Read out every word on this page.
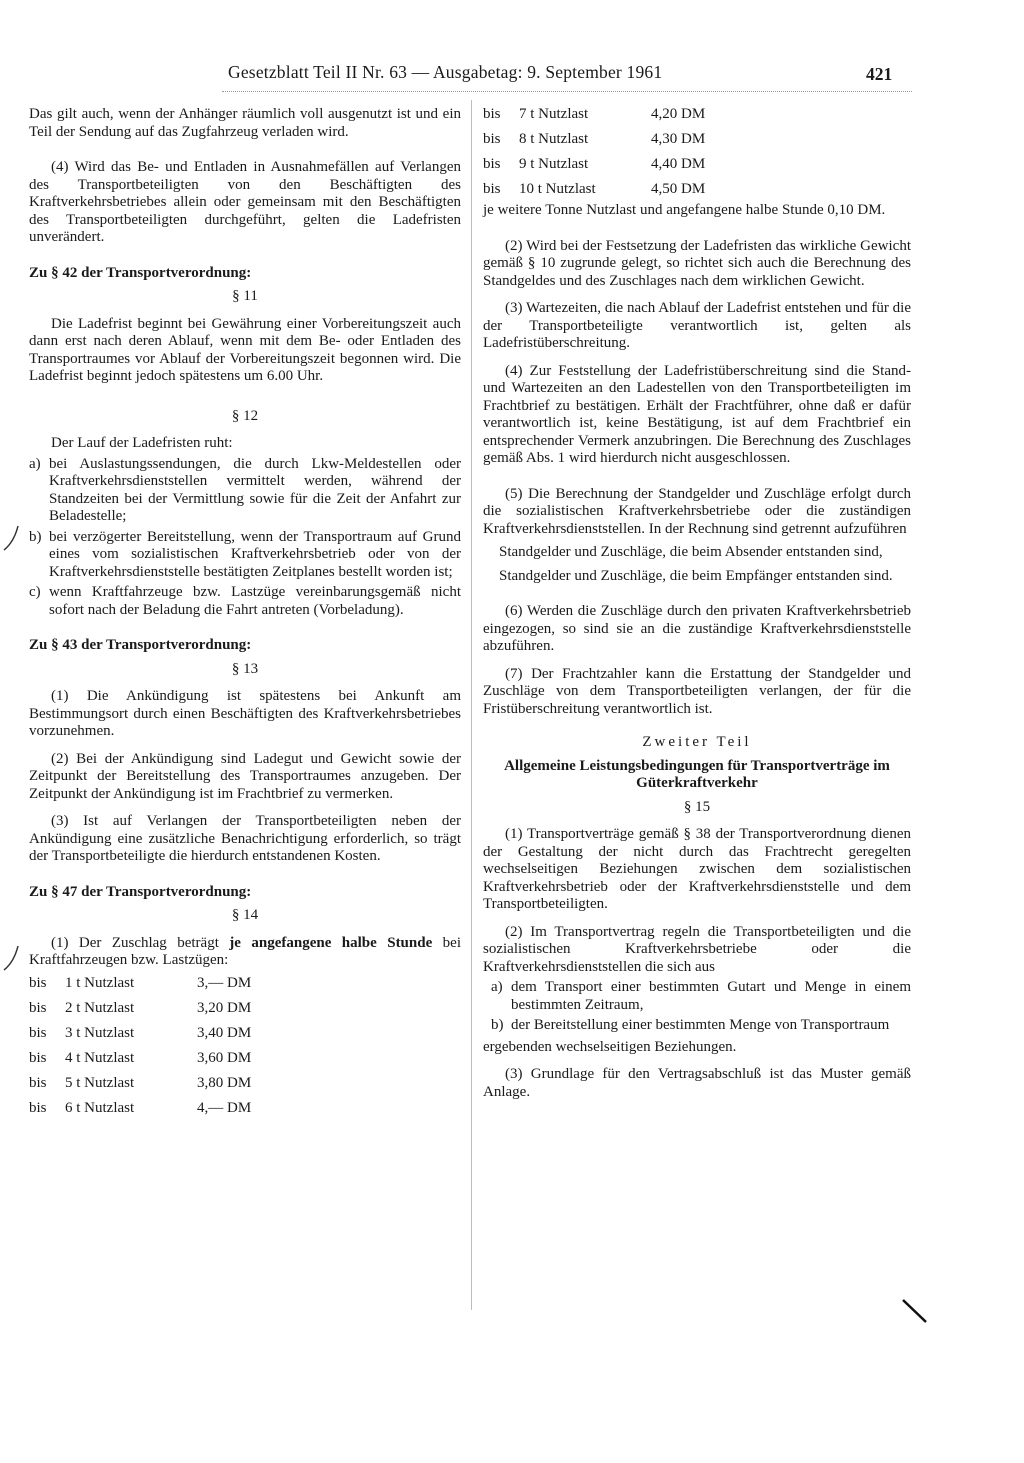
Gesetzblatt Teil II Nr. 63 — Ausgabetag: 9. September 1961	421

Das gilt auch, wenn der Anhänger räumlich voll ausgenutzt ist und ein Teil der Sendung auf das Zugfahrzeug verladen wird.

(4) Wird das Be- und Entladen in Ausnahmefällen auf Verlangen des Transportbeteiligten von den Beschäftigten des Kraftverkehrsbetriebes allein oder gemeinsam mit den Beschäftigten des Transportbeteiligten durchgeführt, gelten die Ladefristen unverändert.

Zu § 42 der Transportverordnung:
§ 11

Die Ladefrist beginnt bei Gewährung einer Vorbereitungszeit auch dann erst nach deren Ablauf, wenn mit dem Be- oder Entladen des Transportraumes vor Ablauf der Vorbereitungszeit begonnen wird. Die Ladefrist beginnt jedoch spätestens um 6.00 Uhr.

§ 12

Der Lauf der Ladefristen ruht:

a) bei Auslastungssendungen, die durch Lkw-Meldestellen oder Kraftverkehrsdienststellen vermittelt werden, während der Standzeiten bei der Vermittlung sowie für die Zeit der Anfahrt zur Beladestelle;
b) bei verzögerter Bereitstellung, wenn der Transportraum auf Grund eines vom sozialistischen Kraftverkehrsbetrieb oder von der Kraftverkehrsdienststelle bestätigten Zeitplanes bestellt worden ist;
c) wenn Kraftfahrzeuge bzw. Lastzüge vereinbarungsgemäß nicht sofort nach der Beladung die Fahrt antreten (Vorbeladung).
Zu § 43 der Transportverordnung:
§ 13

(1) Die Ankündigung ist spätestens bei Ankunft am Bestimmungsort durch einen Beschäftigten des Kraftverkehrsbetriebes vorzunehmen.

(2) Bei der Ankündigung sind Ladegut und Gewicht sowie der Zeitpunkt der Bereitstellung des Transportraumes anzugeben. Der Zeitpunkt der Ankündigung ist im Frachtbrief zu vermerken.

(3) Ist auf Verlangen der Transportbeteiligten neben der Ankündigung eine zusätzliche Benachrichtigung erforderlich, so trägt der Transportbeteiligte die hierdurch entstandenen Kosten.

Zu § 47 der Transportverordnung:
§ 14

(1) Der Zuschlag beträgt je angefangene halbe Stunde bei Kraftfahrzeugen bzw. Lastzügen:

bis	1 t Nutzlast	3,— DM
bis	2 t Nutzlast	3,20 DM
bis	3 t Nutzlast	3,40 DM
bis	4 t Nutzlast	3,60 DM
bis	5 t Nutzlast	3,80 DM
bis	6 t Nutzlast	4,— DM
bis	7 t Nutzlast	4,20 DM
bis	8 t Nutzlast	4,30 DM
bis	9 t Nutzlast	4,40 DM
bis	10 t Nutzlast	4,50 DM

je weitere Tonne Nutzlast und angefangene halbe Stunde 0,10 DM.

(2) Wird bei der Festsetzung der Ladefristen das wirkliche Gewicht gemäß § 10 zugrunde gelegt, so richtet sich auch die Berechnung des Standgeldes und des Zuschlages nach dem wirklichen Gewicht.

(3) Wartezeiten, die nach Ablauf der Ladefrist entstehen und für die der Transportbeteiligte verantwortlich ist, gelten als Ladefristüberschreitung.

(4) Zur Feststellung der Ladefristüberschreitung sind die Stand- und Wartezeiten an den Ladestellen von den Transportbeteiligten im Frachtbrief zu bestätigen. Erhält der Frachtführer, ohne daß er dafür verantwortlich ist, keine Bestätigung, ist auf dem Frachtbrief ein entsprechender Vermerk anzubringen. Die Berechnung des Zuschlages gemäß Abs. 1 wird hierdurch nicht ausgeschlossen.

(5) Die Berechnung der Standgelder und Zuschläge erfolgt durch die sozialistischen Kraftverkehrsbetriebe oder die zuständigen Kraftverkehrsdienststellen. In der Rechnung sind getrennt aufzuführen

Standgelder und Zuschläge, die beim Absender entstanden sind,

Standgelder und Zuschläge, die beim Empfänger entstanden sind.

(6) Werden die Zuschläge durch den privaten Kraftverkehrsbetrieb eingezogen, so sind sie an die zuständige Kraftverkehrsdienststelle abzuführen.

(7) Der Frachtzahler kann die Erstattung der Standgelder und Zuschläge von dem Transportbeteiligten verlangen, der für die Fristüberschreitung verantwortlich ist.

Zweiter Teil
Allgemeine Leistungsbedingungen für Transportverträge im Güterkraftverkehr
§ 15

(1) Transportverträge gemäß § 38 der Transportverordnung dienen der Gestaltung der nicht durch das Frachtrecht geregelten wechselseitigen Beziehungen zwischen dem sozialistischen Kraftverkehrsbetrieb oder der Kraftverkehrsdienststelle und dem Transportbeteiligten.

(2) Im Transportvertrag regeln die Transportbeteiligten und die sozialistischen Kraftverkehrsbetriebe oder die Kraftverkehrsdienststellen die sich aus

a) dem Transport einer bestimmten Gutart und Menge in einem bestimmten Zeitraum,
b) der Bereitstellung einer bestimmten Menge von Transportraum

ergebenden wechselseitigen Beziehungen.

(3) Grundlage für den Vertragsabschluß ist das Muster gemäß Anlage.
